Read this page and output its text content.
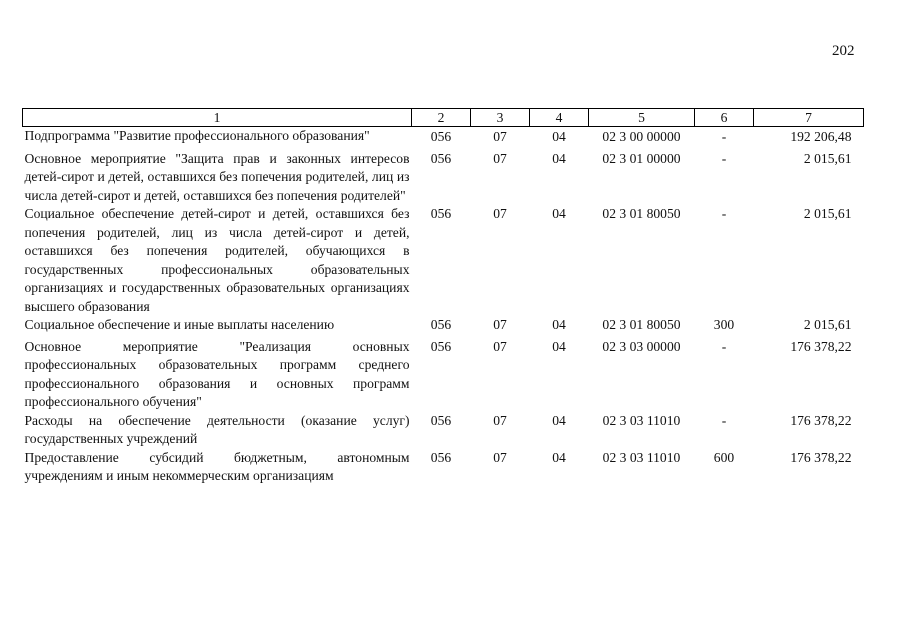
202
1	2	3	4	5	6	7
Подпрограмма "Развитие профессионального образования"	056	07	04	02 3 00 00000	-	192 206,48
Основное мероприятие "Защита прав и законных интересов детей-сирот и детей, оставшихся без попечения родителей, лиц из числа детей-сирот и детей, оставшихся без попечения родителей"	056	07	04	02 3 01 00000	-	2 015,61
Социальное обеспечение детей-сирот и детей, оставшихся без попечения родителей, лиц из числа детей-сирот и детей, оставшихся без попечения родителей, обучающихся в государственных профессиональных образовательных организациях и государственных образовательных организациях высшего образования	056	07	04	02 3 01 80050	-	2 015,61
Социальное обеспечение и иные выплаты населению	056	07	04	02 3 01 80050	300	2 015,61
Основное мероприятие "Реализация основных профессиональных образовательных программ среднего профессионального образования и основных программ профессионального обучения"	056	07	04	02 3 03 00000	-	176 378,22
Расходы на обеспечение деятельности (оказание услуг) государственных учреждений	056	07	04	02 3 03 11010	-	176 378,22
Предоставление субсидий бюджетным, автономным учреждениям и иным некоммерческим организациям	056	07	04	02 3 03 11010	600	176 378,22
